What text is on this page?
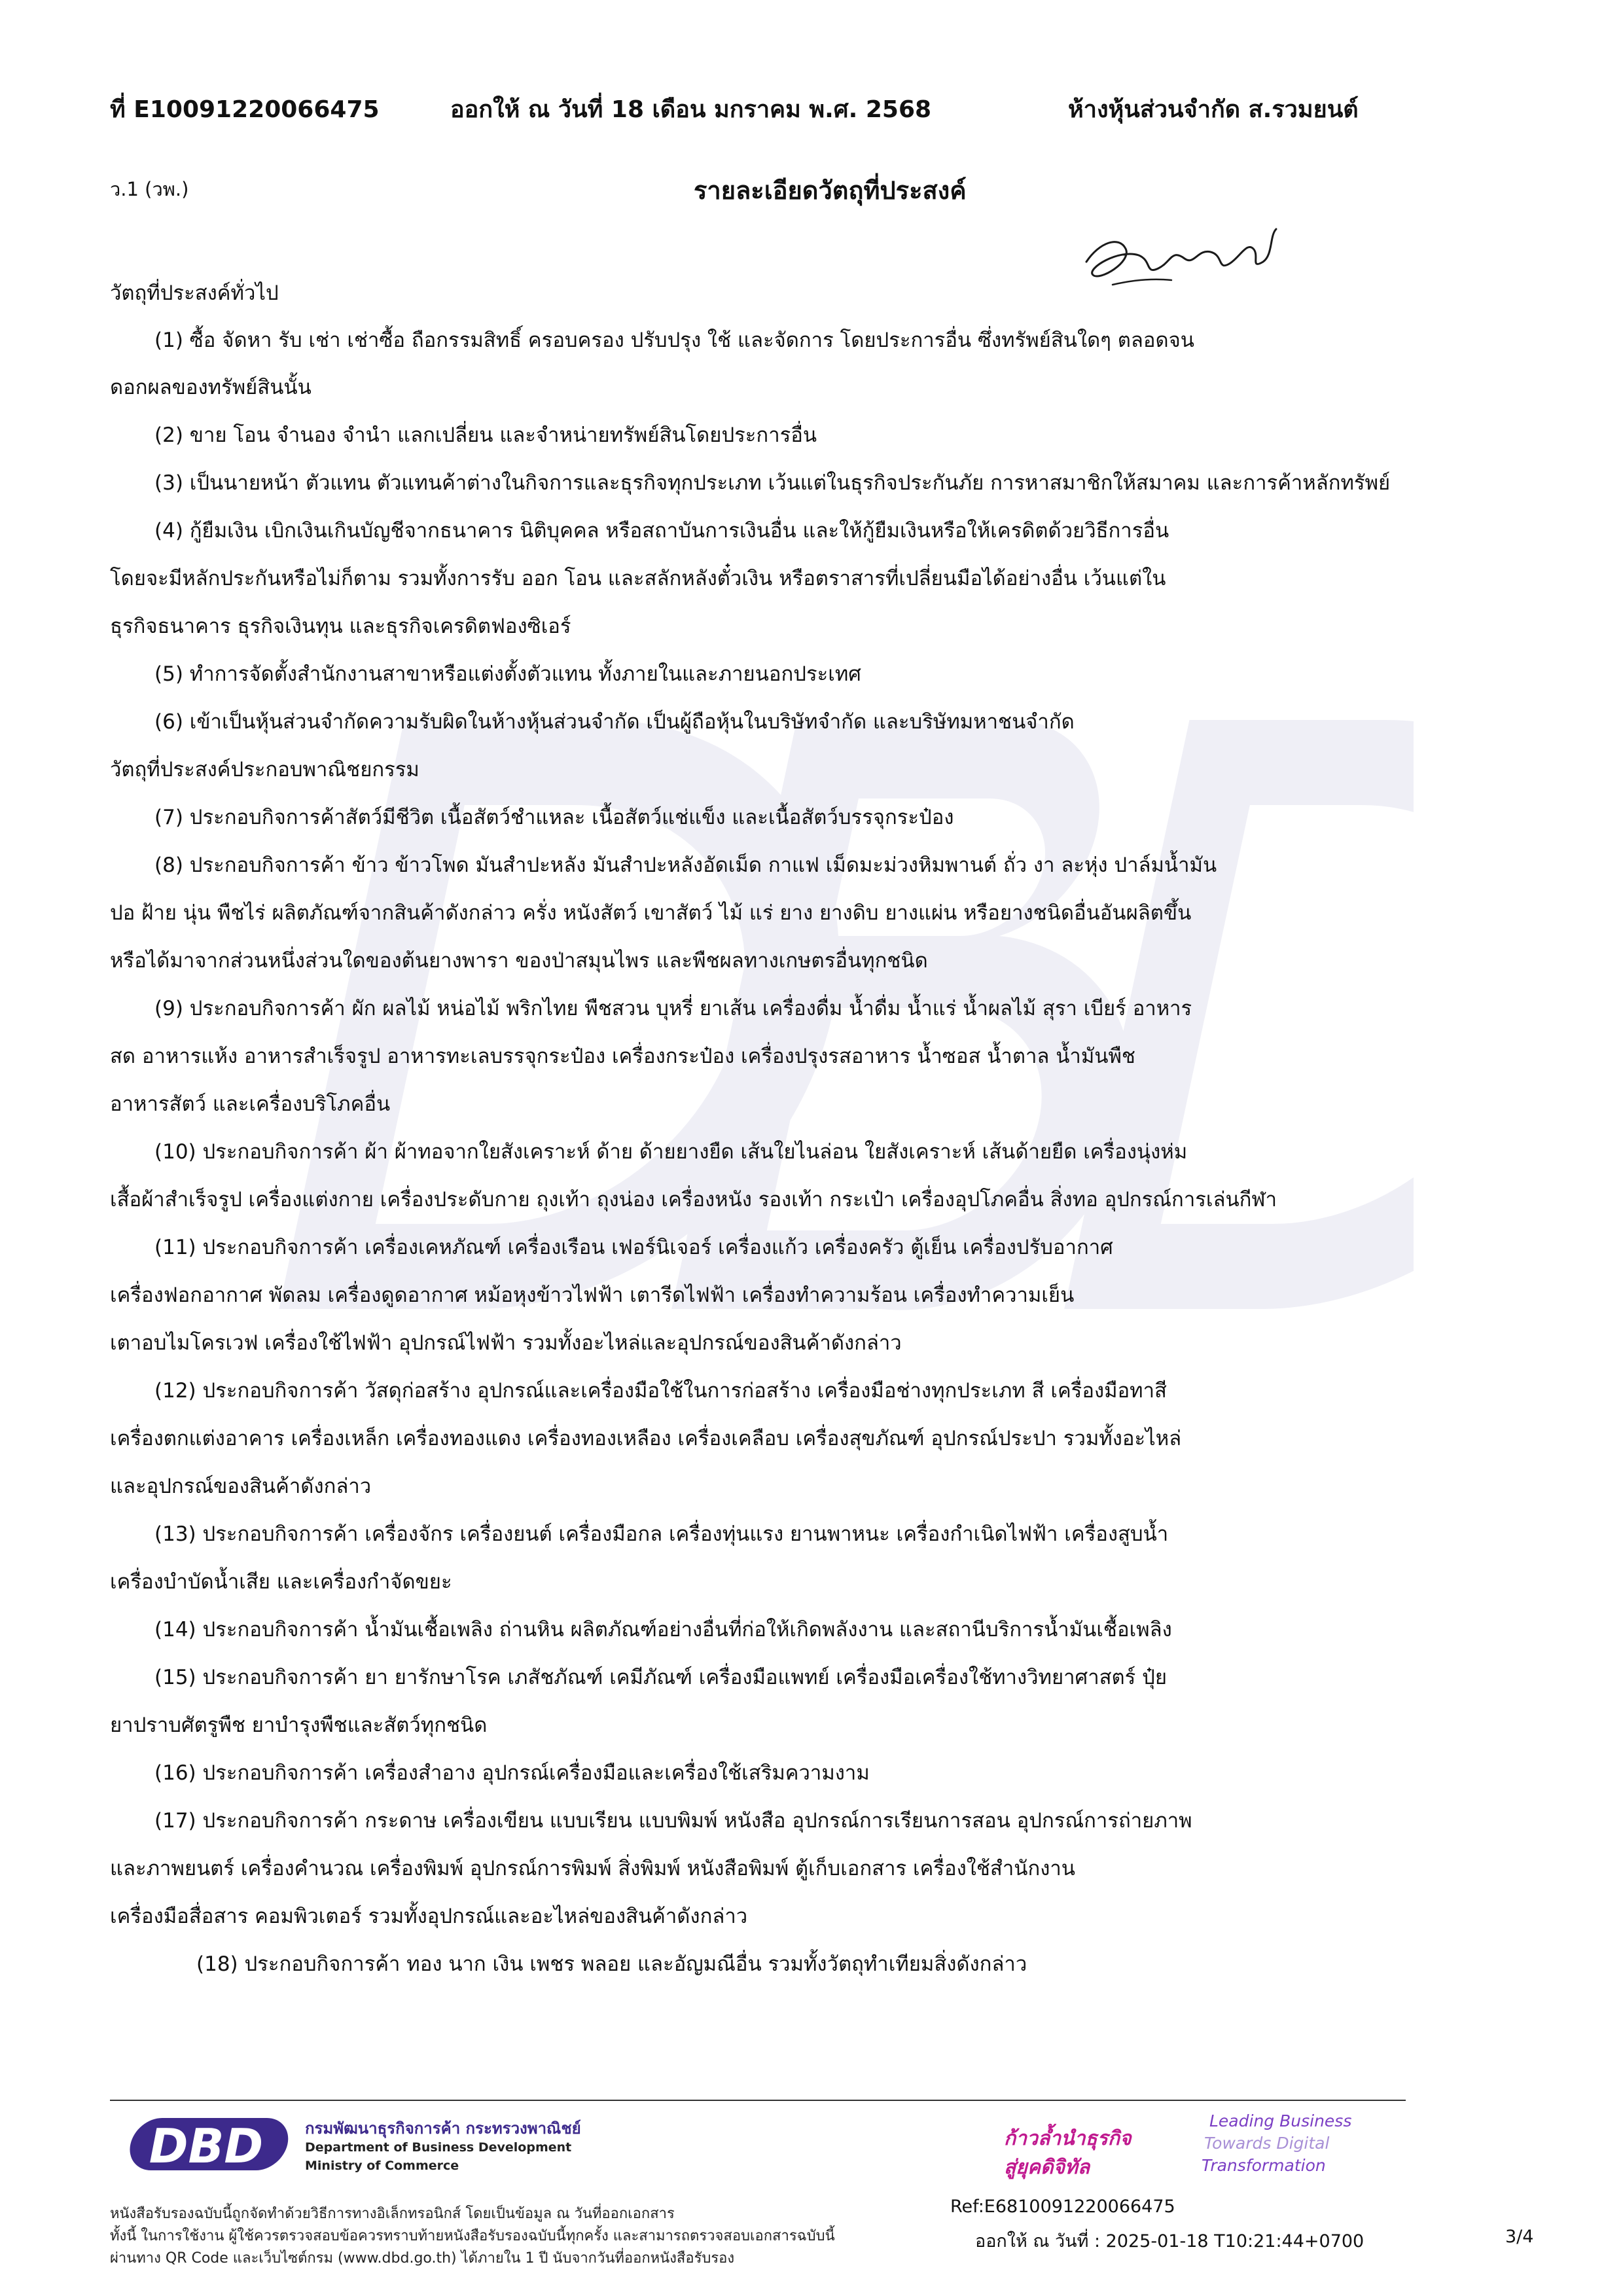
ที่ E10091220066475	ออกให้ ณ วันที่ 18 เดือน มกราคม พ.ศ. 2568	ห้างหุ้นส่วนจำกัด ส.รวมยนต์
ว.1 (วพ.)	รายละเอียดวัตถุที่ประสงค์
วัตถุที่ประสงค์ทั่วไป
(1) ซื้อ จัดหา รับ เช่า เช่าซื้อ ถือกรรมสิทธิ์ ครอบครอง ปรับปรุง ใช้ และจัดการ โดยประการอื่น ซึ่งทรัพย์สินใดๆ ตลอดจน
ดอกผลของทรัพย์สินนั้น
(2) ขาย โอน จำนอง จำนำ แลกเปลี่ยน และจำหน่ายทรัพย์สินโดยประการอื่น
(3) เป็นนายหน้า ตัวแทน ตัวแทนค้าต่างในกิจการและธุรกิจทุกประเภท เว้นแต่ในธุรกิจประกันภัย การหาสมาชิกให้สมาคม และการค้าหลักทรัพย์
(4) กู้ยืมเงิน เบิกเงินเกินบัญชีจากธนาคาร นิติบุคคล หรือสถาบันการเงินอื่น และให้กู้ยืมเงินหรือให้เครดิตด้วยวิธีการอื่น
โดยจะมีหลักประกันหรือไม่ก็ตาม รวมทั้งการรับ ออก โอน และสลักหลังตั๋วเงิน หรือตราสารที่เปลี่ยนมือได้อย่างอื่น เว้นแต่ใน
ธุรกิจธนาคาร ธุรกิจเงินทุน และธุรกิจเครดิตฟองซิเอร์
(5) ทำการจัดตั้งสำนักงานสาขาหรือแต่งตั้งตัวแทน ทั้งภายในและภายนอกประเทศ
(6) เข้าเป็นหุ้นส่วนจำกัดความรับผิดในห้างหุ้นส่วนจำกัด เป็นผู้ถือหุ้นในบริษัทจำกัด และบริษัทมหาชนจำกัด
วัตถุที่ประสงค์ประกอบพาณิชยกรรม
(7) ประกอบกิจการค้าสัตว์มีชีวิต เนื้อสัตว์ชำแหละ เนื้อสัตว์แช่แข็ง และเนื้อสัตว์บรรจุกระป๋อง
(8) ประกอบกิจการค้า ข้าว ข้าวโพด มันสำปะหลัง มันสำปะหลังอัดเม็ด กาแฟ เม็ดมะม่วงหิมพานต์ ถั่ว งา ละหุ่ง ปาล์มน้ำมัน
ปอ ฝ้าย นุ่น พืชไร่ ผลิตภัณฑ์จากสินค้าดังกล่าว ครั่ง หนังสัตว์ เขาสัตว์ ไม้ แร่ ยาง ยางดิบ ยางแผ่น หรือยางชนิดอื่นอันผลิตขึ้น
หรือได้มาจากส่วนหนึ่งส่วนใดของต้นยางพารา ของป่าสมุนไพร และพืชผลทางเกษตรอื่นทุกชนิด
(9) ประกอบกิจการค้า ผัก ผลไม้ หน่อไม้ พริกไทย พืชสวน บุหรี่ ยาเส้น เครื่องดื่ม น้ำดื่ม น้ำแร่ น้ำผลไม้ สุรา เบียร์ อาหาร
สด อาหารแห้ง อาหารสำเร็จรูป อาหารทะเลบรรจุกระป๋อง เครื่องกระป๋อง เครื่องปรุงรสอาหาร น้ำซอส น้ำตาล น้ำมันพืช
อาหารสัตว์ และเครื่องบริโภคอื่น
(10) ประกอบกิจการค้า ผ้า ผ้าทอจากใยสังเคราะห์ ด้าย ด้ายยางยืด เส้นใยไนล่อน ใยสังเคราะห์ เส้นด้ายยืด เครื่องนุ่งห่ม
เสื้อผ้าสำเร็จรูป เครื่องแต่งกาย เครื่องประดับกาย ถุงเท้า ถุงน่อง เครื่องหนัง รองเท้า กระเป๋า เครื่องอุปโภคอื่น สิ่งทอ อุปกรณ์การเล่นกีฬา
(11) ประกอบกิจการค้า เครื่องเคหภัณฑ์ เครื่องเรือน เฟอร์นิเจอร์ เครื่องแก้ว เครื่องครัว ตู้เย็น เครื่องปรับอากาศ
เครื่องฟอกอากาศ พัดลม เครื่องดูดอากาศ หม้อหุงข้าวไฟฟ้า เตารีดไฟฟ้า เครื่องทำความร้อน เครื่องทำความเย็น
เตาอบไมโครเวฟ เครื่องใช้ไฟฟ้า อุปกรณ์ไฟฟ้า รวมทั้งอะไหล่และอุปกรณ์ของสินค้าดังกล่าว
(12) ประกอบกิจการค้า วัสดุก่อสร้าง อุปกรณ์และเครื่องมือใช้ในการก่อสร้าง เครื่องมือช่างทุกประเภท สี เครื่องมือทาสี
เครื่องตกแต่งอาคาร เครื่องเหล็ก เครื่องทองแดง เครื่องทองเหลือง เครื่องเคลือบ เครื่องสุขภัณฑ์ อุปกรณ์ประปา รวมทั้งอะไหล่
และอุปกรณ์ของสินค้าดังกล่าว
(13) ประกอบกิจการค้า เครื่องจักร เครื่องยนต์ เครื่องมือกล เครื่องทุ่นแรง ยานพาหนะ เครื่องกำเนิดไฟฟ้า เครื่องสูบน้ำ
เครื่องบำบัดน้ำเสีย และเครื่องกำจัดขยะ
(14) ประกอบกิจการค้า น้ำมันเชื้อเพลิง ถ่านหิน ผลิตภัณฑ์อย่างอื่นที่ก่อให้เกิดพลังงาน และสถานีบริการน้ำมันเชื้อเพลิง
(15) ประกอบกิจการค้า ยา ยารักษาโรค เภสัชภัณฑ์ เคมีภัณฑ์ เครื่องมือแพทย์ เครื่องมือเครื่องใช้ทางวิทยาศาสตร์ ปุ๋ย
ยาปราบศัตรูพืช ยาบำรุงพืชและสัตว์ทุกชนิด
(16) ประกอบกิจการค้า เครื่องสำอาง อุปกรณ์เครื่องมือและเครื่องใช้เสริมความงาม
(17) ประกอบกิจการค้า กระดาษ เครื่องเขียน แบบเรียน แบบพิมพ์ หนังสือ อุปกรณ์การเรียนการสอน อุปกรณ์การถ่ายภาพ
และภาพยนตร์ เครื่องคำนวณ เครื่องพิมพ์ อุปกรณ์การพิมพ์ สิ่งพิมพ์ หนังสือพิมพ์ ตู้เก็บเอกสาร เครื่องใช้สำนักงาน
เครื่องมือสื่อสาร คอมพิวเตอร์ รวมทั้งอุปกรณ์และอะไหล่ของสินค้าดังกล่าว
(18) ประกอบกิจการค้า ทอง นาก เงิน เพชร พลอย และอัญมณีอื่น รวมทั้งวัตถุทำเทียมสิ่งดังกล่าว
DBD	กรมพัฒนาธุรกิจการค้า กระทรวงพาณิชย์
Department of Business Development
Ministry of Commerce
ก้าวล้ำนำธุรกิจ
สู่ยุคดิจิทัล
Leading Business
Towards Digital
Transformation
หนังสือรับรองฉบับนี้ถูกจัดทำด้วยวิธีการทางอิเล็กทรอนิกส์ โดยเป็นข้อมูล ณ วันที่ออกเอกสาร
ทั้งนี้ ในการใช้งาน ผู้ใช้ควรตรวจสอบข้อควรทราบท้ายหนังสือรับรองฉบับนี้ทุกครั้ง และสามารถตรวจสอบเอกสารฉบับนี้
ผ่านทาง QR Code และเว็บไซต์กรม (www.dbd.go.th) ได้ภายใน 1 ปี นับจากวันที่ออกหนังสือรับรอง
Ref:E6810091220066475
ออกให้ ณ วันที่ : 2025-01-18 T10:21:44+0700	3/4
